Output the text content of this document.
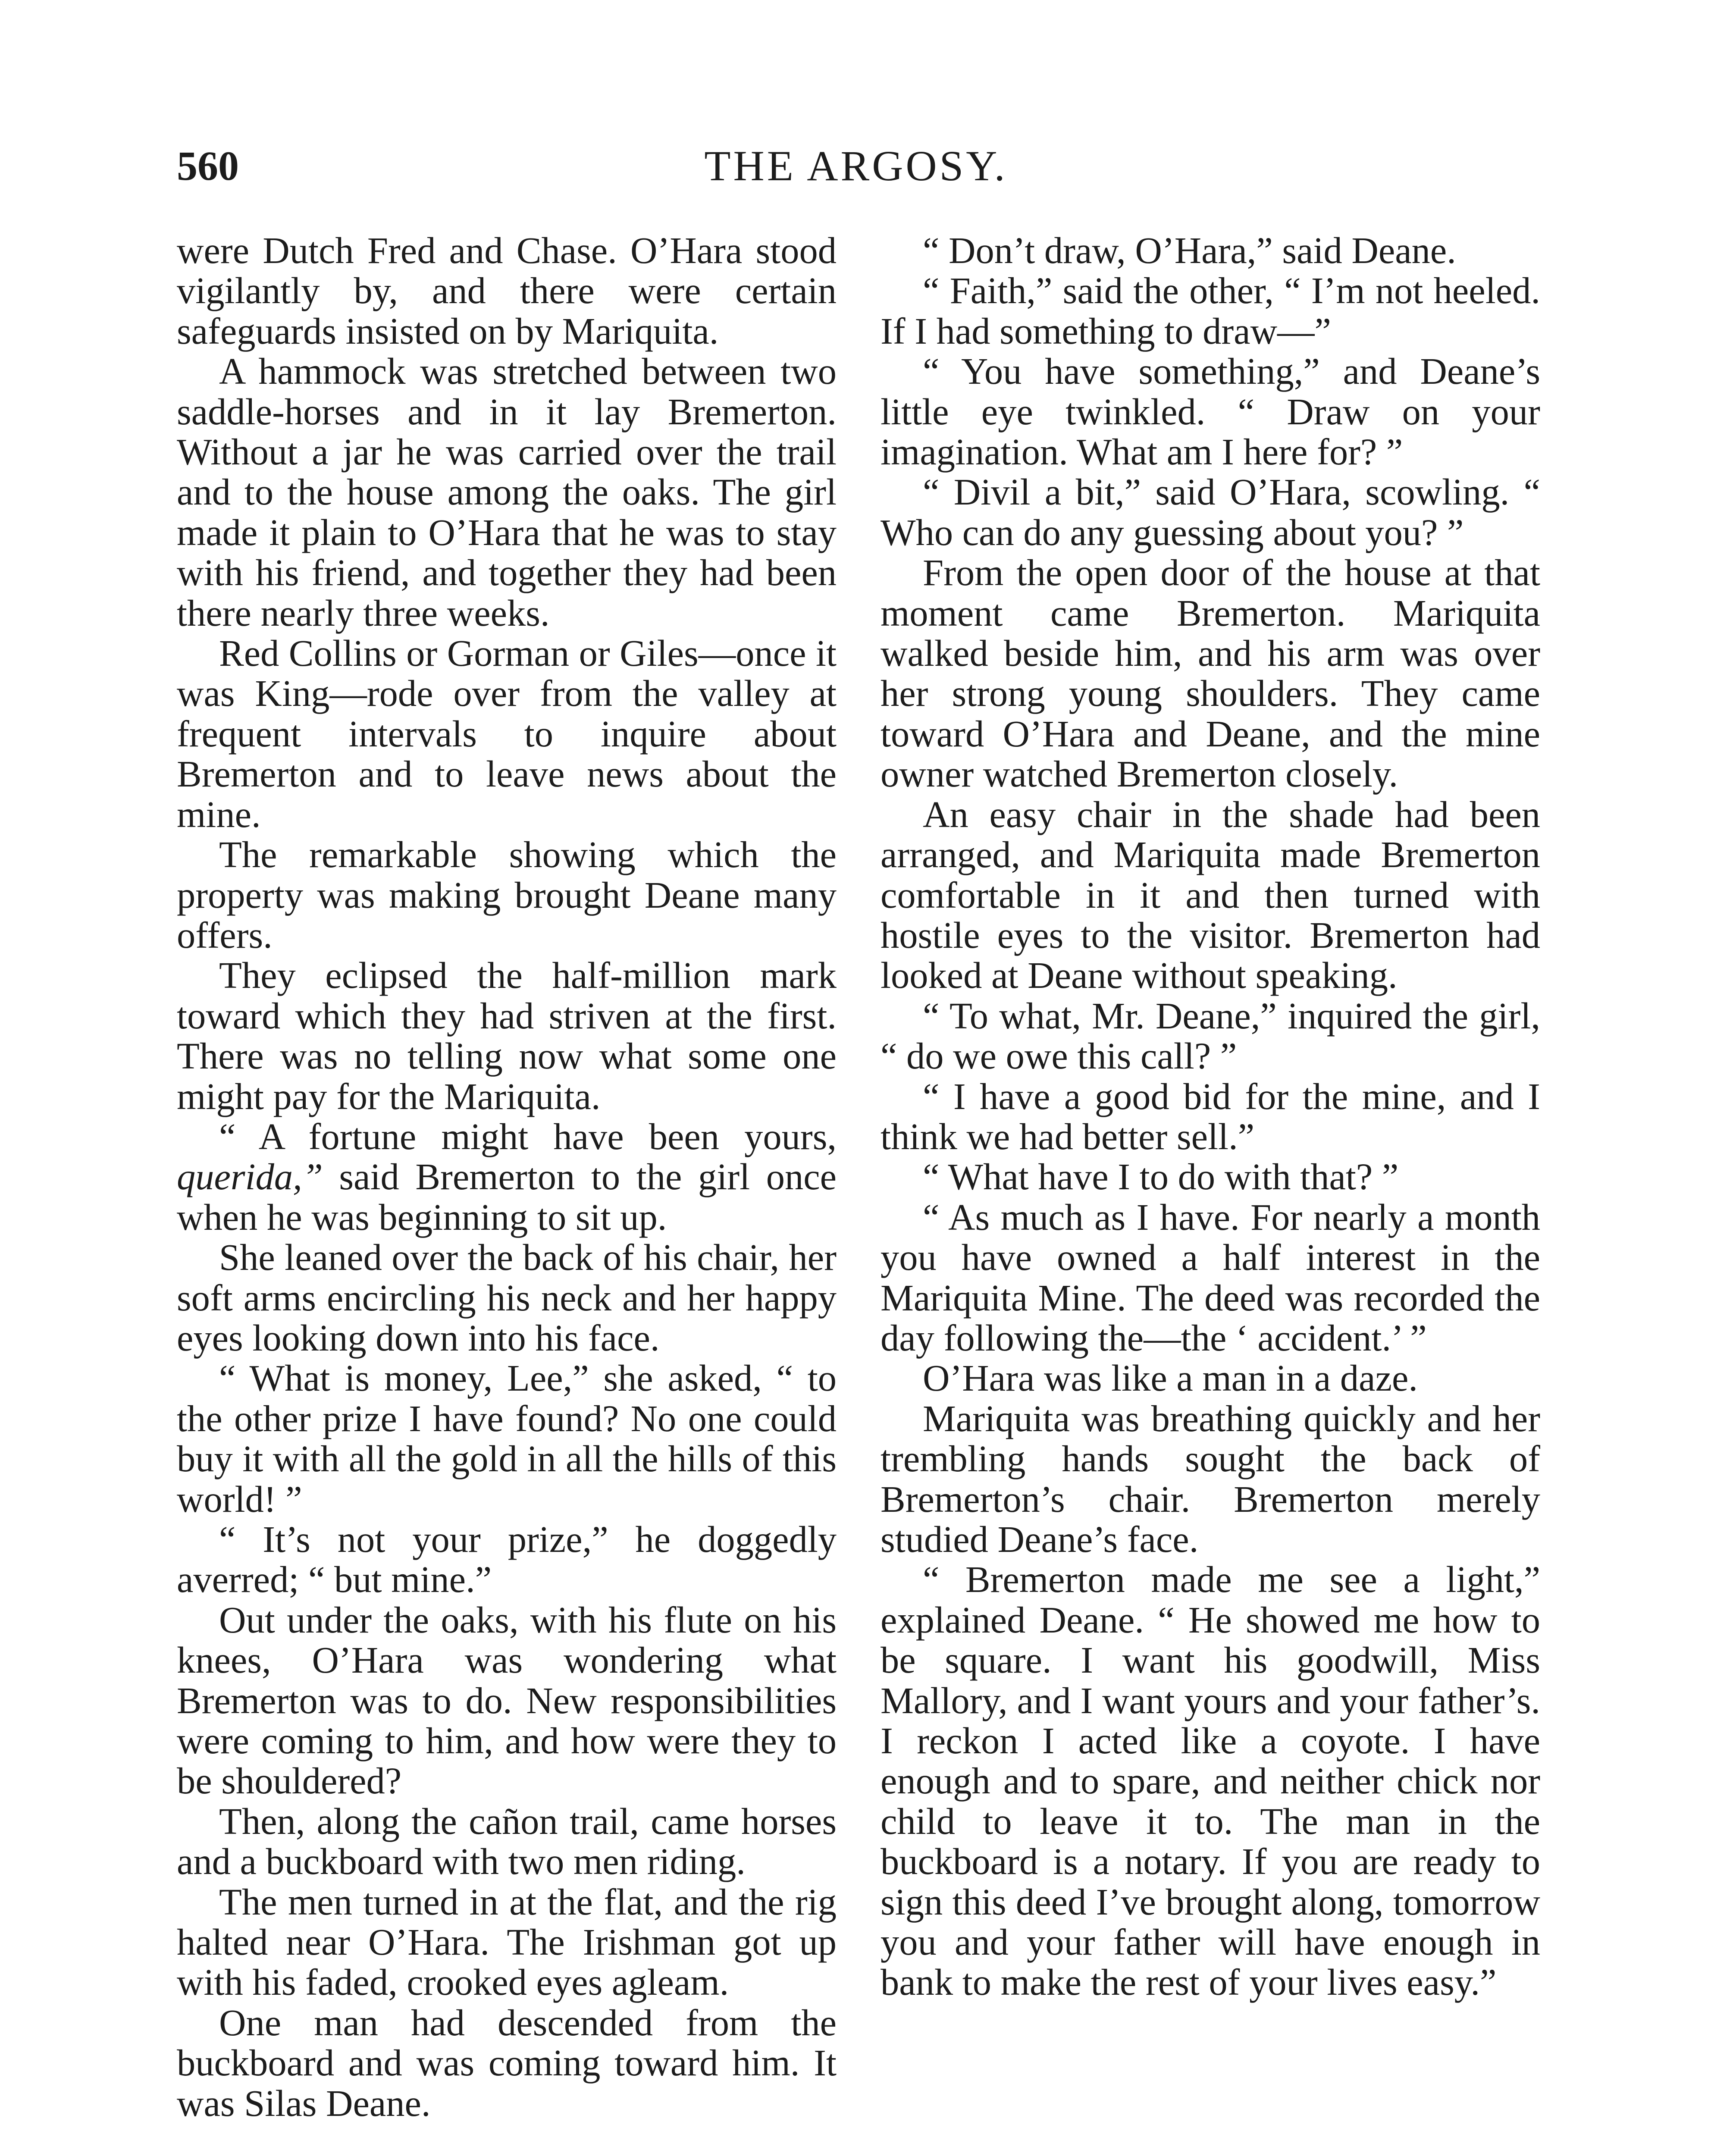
560	THE ARGOSY.

were Dutch Fred and Chase. O’Hara stood vigilantly by, and there were certain safeguards insisted on by Mariquita.

A hammock was stretched between two saddle-horses and in it lay Bremerton. Without a jar he was carried over the trail and to the house among the oaks. The girl made it plain to O’Hara that he was to stay with his friend, and together they had been there nearly three weeks.

Red Collins or Gorman or Giles—once it was King—rode over from the valley at frequent intervals to inquire about Bremerton and to leave news about the mine.

The remarkable showing which the property was making brought Deane many offers.

They eclipsed the half-million mark toward which they had striven at the first. There was no telling now what some one might pay for the Mariquita.

“ A fortune might have been yours, querida,” said Bremerton to the girl once when he was beginning to sit up.

She leaned over the back of his chair, her soft arms encircling his neck and her happy eyes looking down into his face.

“ What is money, Lee,” she asked, “ to the other prize I have found? No one could buy it with all the gold in all the hills of this world! ”

“ It’s not your prize,” he doggedly averred; “ but mine.”

Out under the oaks, with his flute on his knees, O’Hara was wondering what Bremerton was to do. New responsibilities were coming to him, and how were they to be shouldered?

Then, along the cañon trail, came horses and a buckboard with two men riding.

The men turned in at the flat, and the rig halted near O’Hara. The Irishman got up with his faded, crooked eyes agleam.

One man had descended from the buckboard and was coming toward him. It was Silas Deane.

“ Don’t draw, O’Hara,” said Deane.

“ Faith,” said the other, “ I’m not heeled. If I had something to draw—”

“ You have something,” and Deane’s little eye twinkled. “ Draw on your imagination. What am I here for? ”

“ Divil a bit,” said O’Hara, scowling. “ Who can do any guessing about you? ”

From the open door of the house at that moment came Bremerton. Mariquita walked beside him, and his arm was over her strong young shoulders. They came toward O’Hara and Deane, and the mine owner watched Bremerton closely.

An easy chair in the shade had been arranged, and Mariquita made Bremerton comfortable in it and then turned with hostile eyes to the visitor. Bremerton had looked at Deane without speaking.

“ To what, Mr. Deane,” inquired the girl, “ do we owe this call? ”

“ I have a good bid for the mine, and I think we had better sell.”

“ What have I to do with that? ”

“ As much as I have. For nearly a month you have owned a half interest in the Mariquita Mine. The deed was recorded the day following the—the ‘ accident.’ ”

O’Hara was like a man in a daze.

Mariquita was breathing quickly and her trembling hands sought the back of Bremerton’s chair. Bremerton merely studied Deane’s face.

“ Bremerton made me see a light,” explained Deane. “ He showed me how to be square. I want his goodwill, Miss Mallory, and I want yours and your father’s. I reckon I acted like a coyote. I have enough and to spare, and neither chick nor child to leave it to. The man in the buckboard is a notary. If you are ready to sign this deed I’ve brought along, tomorrow you and your father will have enough in bank to make the rest of your lives easy.”
